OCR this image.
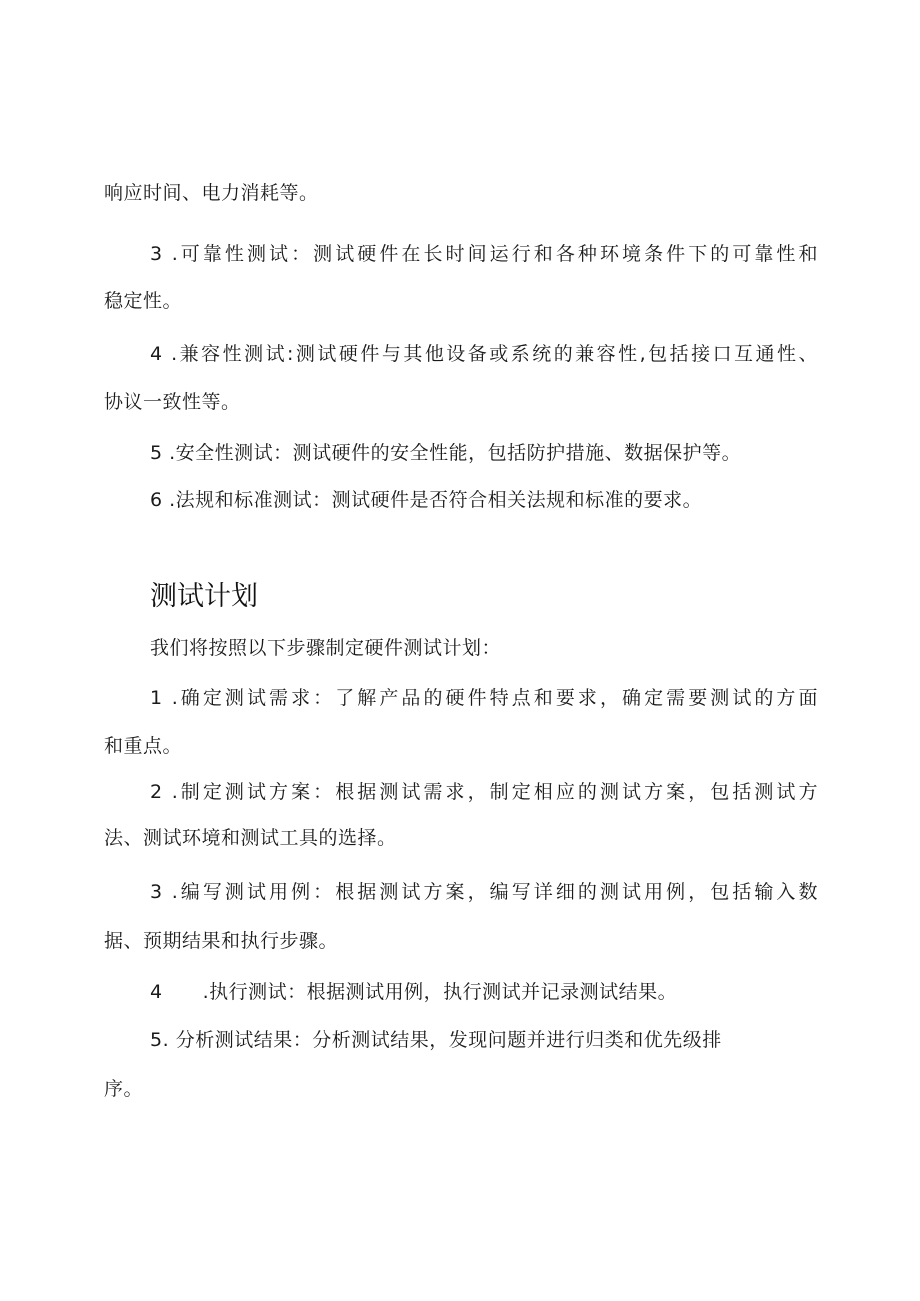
响应时间、电力消耗等。
3 .可靠性测试：测试硬件在长时间运行和各种环境条件下的可靠性和
稳定性。
4 .兼容性测试:测试硬件与其他设备或系统的兼容性,包括接口互通性、
协议一致性等。
5 .安全性测试：测试硬件的安全性能，包括防护措施、数据保护等。
6 .法规和标准测试：测试硬件是否符合相关法规和标准的要求。
测试计划
我们将按照以下步骤制定硬件测试计划：
1 .确定测试需求：了解产品的硬件特点和要求，确定需要测试的方面
和重点。
2 .制定测试方案：根据测试需求，制定相应的测试方案，包括测试方
法、测试环境和测试工具的选择。
3 .编写测试用例：根据测试方案，编写详细的测试用例，包括输入数
据、预期结果和执行步骤。
4 .执行测试：根据测试用例，执行测试并记录测试结果。
5. 分析测试结果：分析测试结果，发现问题并进行归类和优先级排
序。
